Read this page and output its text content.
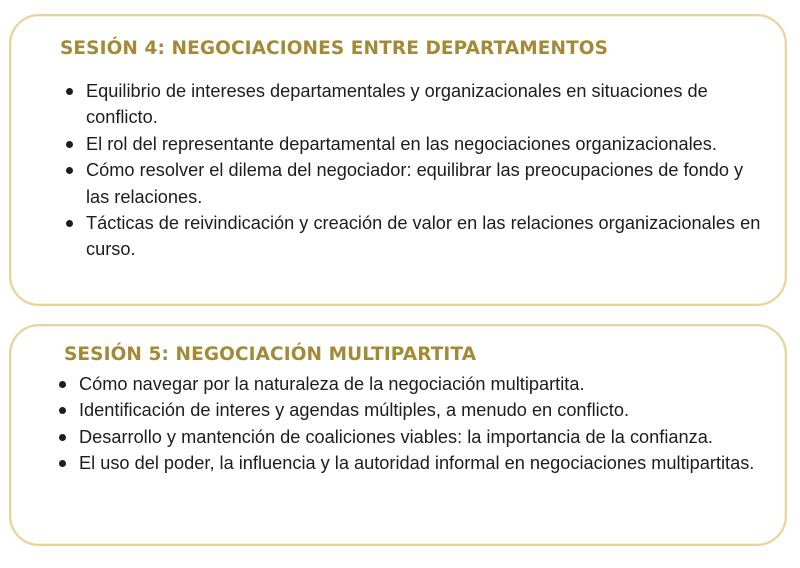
SESIÓN 4: NEGOCIACIONES ENTRE DEPARTAMENTOS
Equilibrio de intereses departamentales y organizacionales en situaciones de conflicto.
El rol del representante departamental en las negociaciones organizacionales.
Cómo resolver el dilema del negociador: equilibrar las preocupaciones de fondo y las relaciones.
Tácticas de reivindicación y creación de valor en las relaciones organizacionales en curso.
SESIÓN 5: NEGOCIACIÓN MULTIPARTITA
Cómo navegar por la naturaleza de la negociación multipartita.
Identificación de interes y agendas múltiples, a menudo en conflicto.
Desarrollo y mantención de coaliciones viables: la importancia de la confianza.
El uso del poder, la influencia y la autoridad informal en negociaciones multipartitas.
